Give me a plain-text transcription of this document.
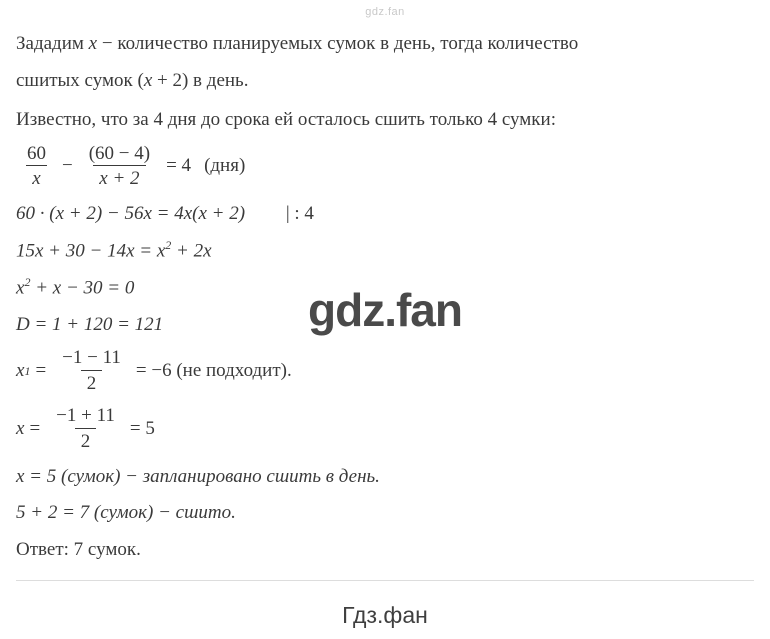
gdz.fan
gdz.fan
Гдз.фан
Зададим x − количество планируемых сумок в день, тогда количество
сшитых сумок (x + 2) в день.
Известно, что за 4 дня до срока ей осталось сшить только 4 сумки:
$\frac{60}{x} - \frac{(60 - 4)}{x + 2} = 4$ (дня)
60 · (x + 2) − 56x = 4x(x + 2) | : 4
$15x + 30 - 14x = x^2 + 2x$
$x^2 + x - 30 = 0$
D = 1 + 120 = 121
x $1 = \frac{-1 - 11}{2} = -6$ (не подходит).
$x = \frac{-1 + 11}{2} = 5$
x = 5 (сумок) − запланировано сшить в день.
5 + 2 = 7 (сумок) − сшито.
Ответ: 7 сумок.
